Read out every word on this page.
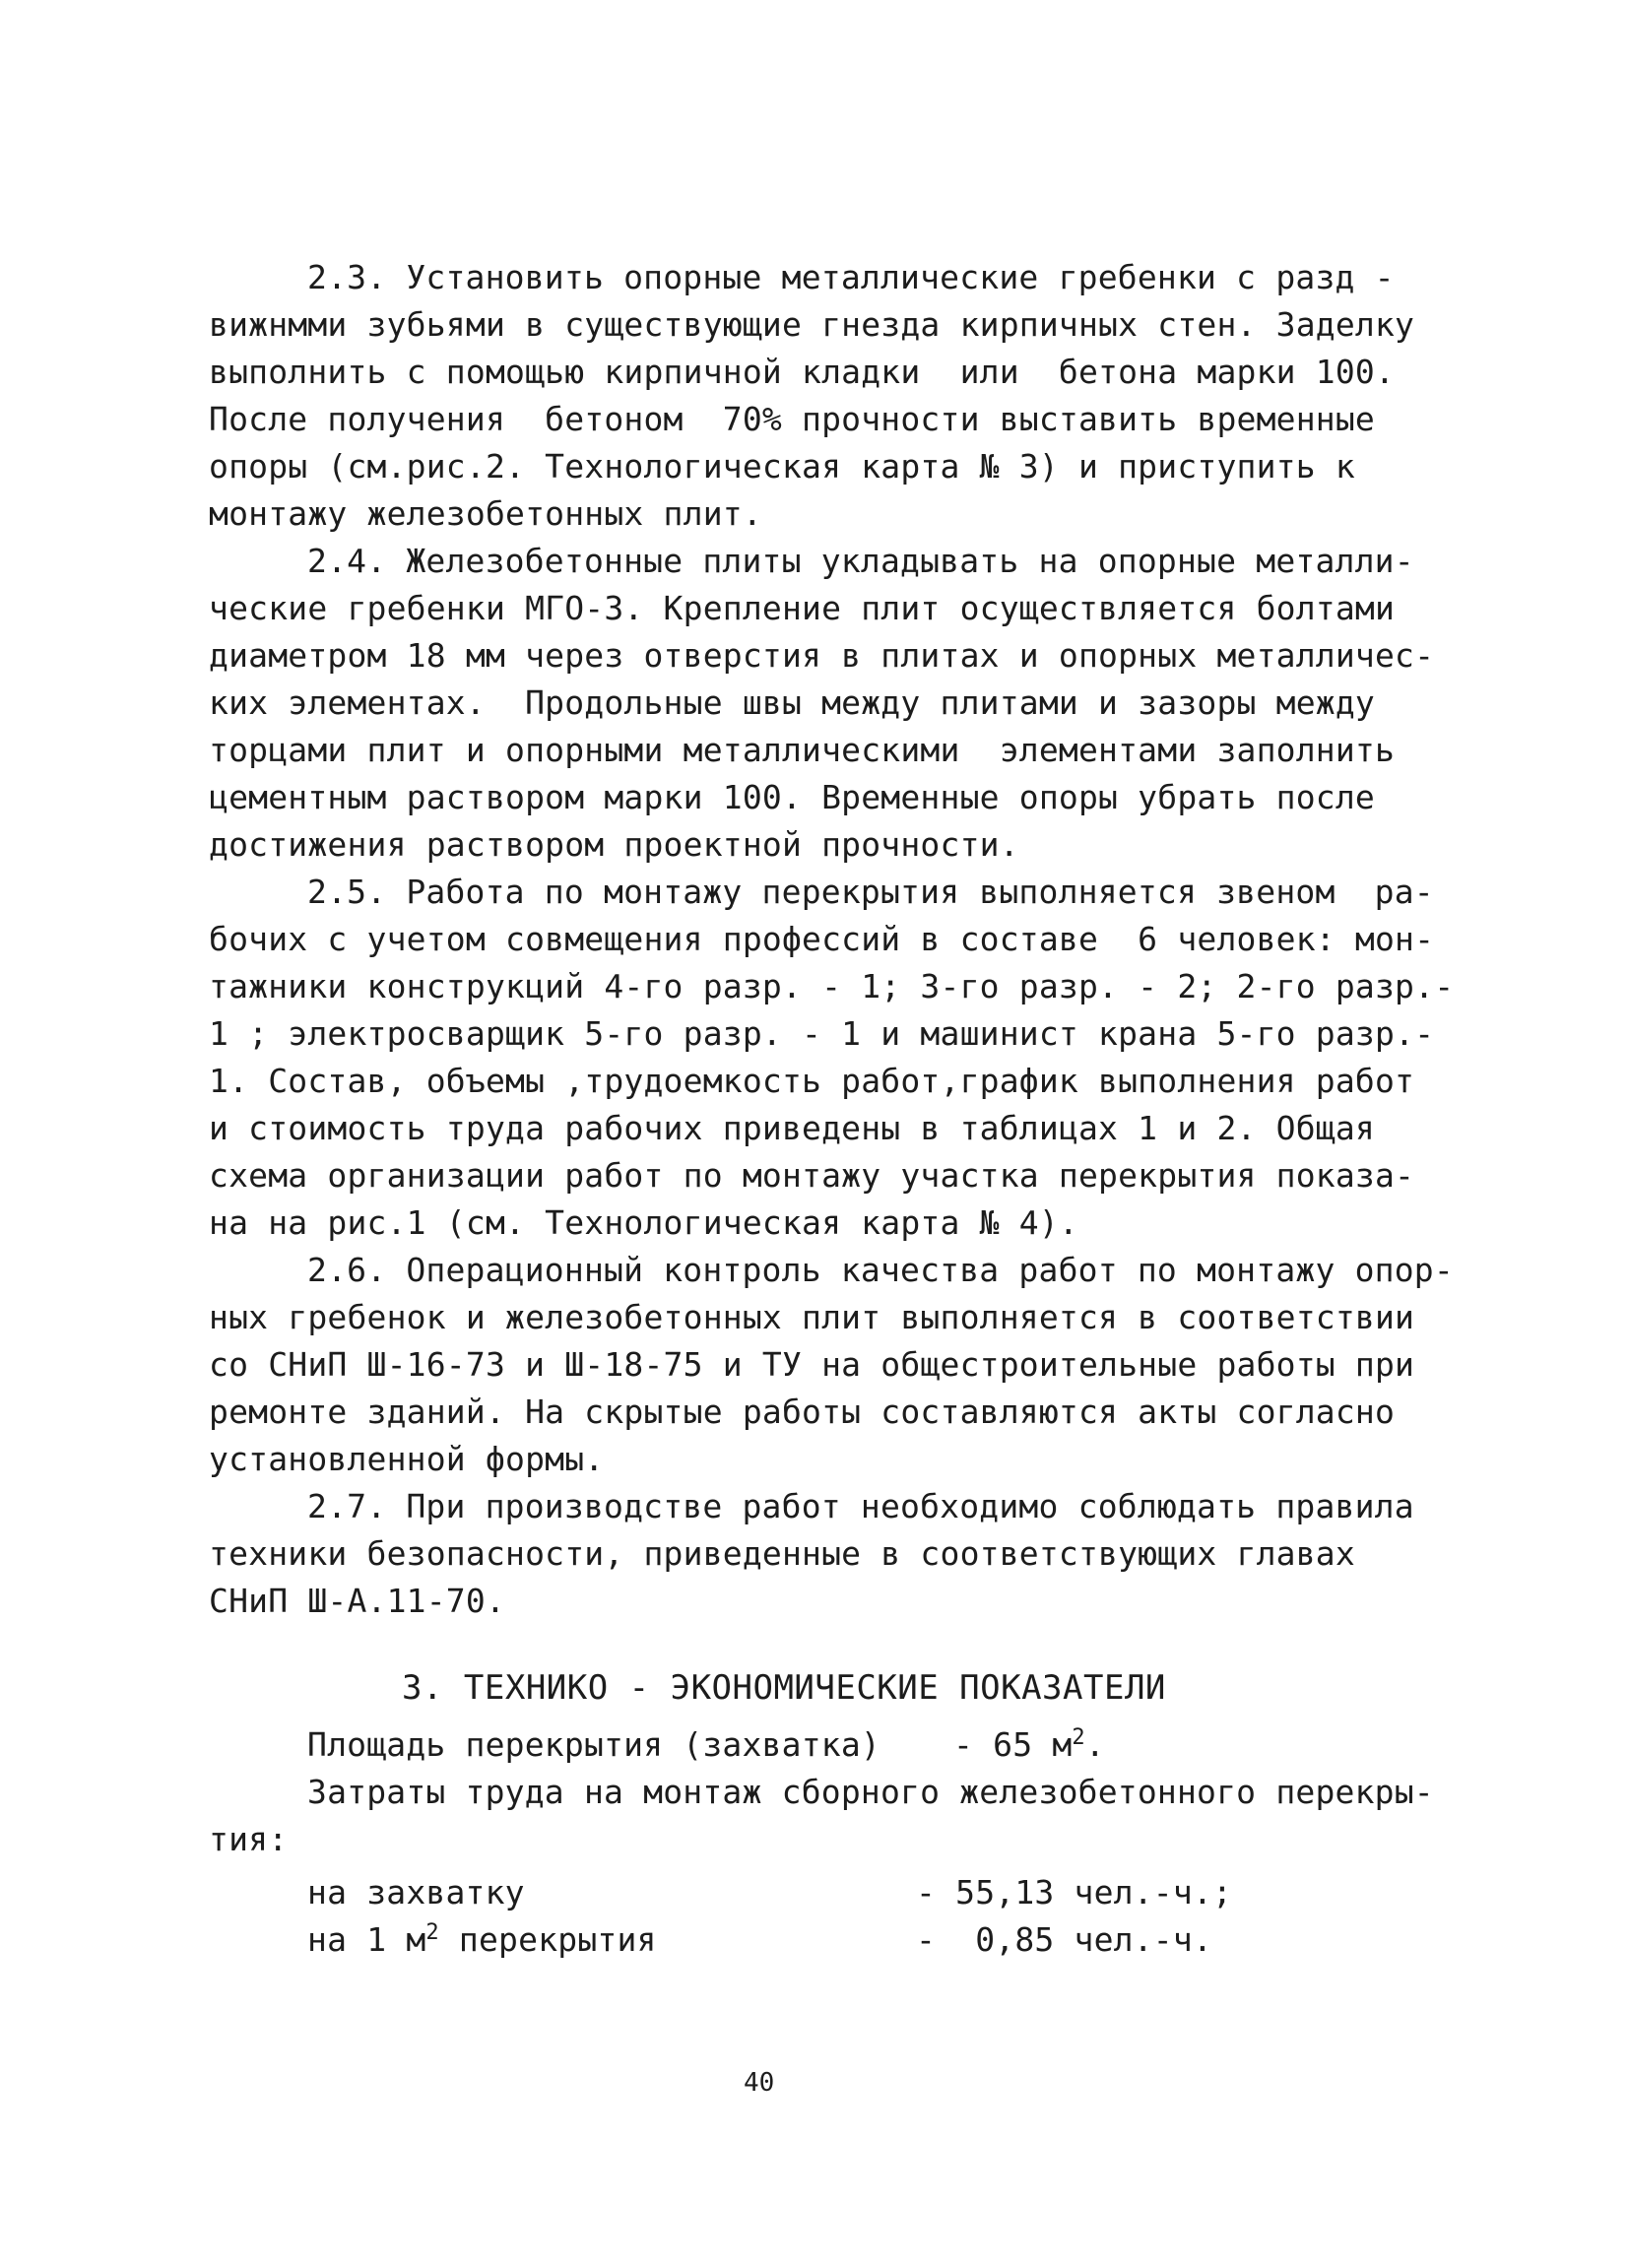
2.3. Установить опорные металлические гребенки с разд -
вижнмми зубьями в существующие гнезда кирпичных стен. Заделку
выполнить с помощью кирпичной кладки  или  бетона марки 100.
После получения  бетоном  70% прочности выставить временные
опоры (см.рис.2. Технологическая карта № 3) и приступить к
монтажу железобетонных плит.
2.4. Железобетонные плиты укладывать на опорные металли-
ческие гребенки МГО-3. Крепление плит осуществляется болтами
диаметром 18 мм через отверстия в плитах и опорных металличес-
ких элементах.  Продольные швы между плитами и зазоры между
торцами плит и опорными металлическими  элементами заполнить
цементным раствором марки 100. Временные опоры убрать после
достижения раствором проектной прочности.
2.5. Работа по монтажу перекрытия выполняется звеном  ра-
бочих с учетом совмещения профессий в составе  6 человек: мон-
тажники конструкций 4-го разр. - 1; 3-го разр. - 2; 2-го разр.-
1 ; электросварщик 5-го разр. - 1 и машинист крана 5-го разр.-
1. Состав, объемы ,трудоемкость работ,график выполнения работ
и стоимость труда рабочих приведены в таблицах 1 и 2. Общая
схема организации работ по монтажу участка перекрытия показа-
на на рис.1 (см. Технологическая карта № 4).
2.6. Операционный контроль качества работ по монтажу опор-
ных гребенок и железобетонных плит выполняется в соответствии
со СНиП Ш-16-73 и Ш-18-75 и ТУ на общестроительные работы при
ремонте зданий. На скрытые работы составляются акты согласно
установленной формы.
2.7. При производстве работ необходимо соблюдать правила
техники безопасности, приведенные в соответствующих главах
СНиП Ш-А.11-70.
3. ТЕХНИКО - ЭКОНОМИЧЕСКИЕ ПОКАЗАТЕЛИ
Площадь перекрытия (захватка) - 65 $м^2$.
Затраты труда на монтаж сборного железобетонного перекры-
тия:
на захватку	- 55,13 чел.-ч.;
на 1 $м^2$ перекрытия	-  0,85 чел.-ч.
40
